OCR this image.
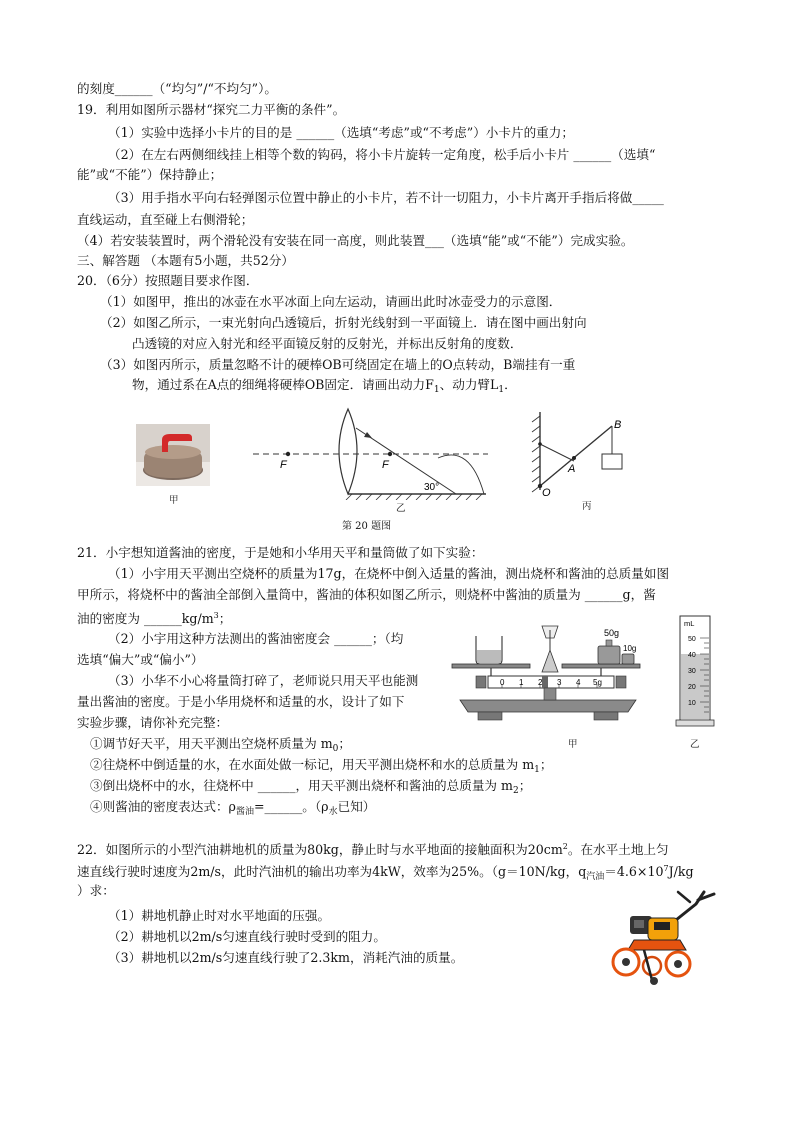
的刻度______（“均匀”/“不均匀”）。
19．利用如图所示器材“探究二力平衡的条件”。
（1）实验中选择小卡片的目的是 ______（选填“考虑”或“不考虑”）小卡片的重力；
（2）在左右两侧细线挂上相等个数的钩码，将小卡片旋转一定角度，松手后小卡片 ______（选填“
能”或“不能”）保持静止；
（3）用手指水平向右轻弹图示位置中静止的小卡片，若不计一切阻力，小卡片离开手指后将做_____
直线运动，直至碰上右侧滑轮；
（4）若安装装置时，两个滑轮没有安装在同一高度，则此装置___（选填“能”或“不能”）完成实验。
三、解答题 （本题有5小题，共52分）
20．（6分）按照题目要求作图．
（1）如图甲，推出的冰壶在水平冰面上向左运动，请画出此时冰壶受力的示意图．
（2）如图乙所示，一束光射向凸透镜后，折射光线射到一平面镜上．请在图中画出射向
凸透镜的对应入射光和经平面镜反射的反射光，并标出反射角的度数．
（3）如图丙所示，质量忽略不计的硬棒OB可绕固定在墙上的O点转动，B端挂有一重
物，通过系在A点的细绳将硬棒OB固定．请画出动力$F_1$、动力臂$L_1$．
甲
F	F
30°
乙
B
A
O
丙
第 20 题图
21．小宇想知道酱油的密度，于是她和小华用天平和量筒做了如下实验：
（1）小宇用天平测出空烧杯的质量为17g，在烧杯中倒入适量的酱油，测出烧杯和酱油的总质量如图
甲所示，将烧杯中的酱油全部倒入量筒中，酱油的体积如图乙所示，则烧杯中酱油的质量为 ______g，酱
油的密度为 $\_\_\_\_\_\_kg/m^3$；
（2）小宇用这种方法测出的酱油密度会 ______；（均
选填“偏大”或“偏小”）
（3）小华不小心将量筒打碎了，老师说只用天平也能测
量出酱油的密度。于是小华用烧杯和适量的水，设计了如下
实验步骤，请你补充完整：
①调节好天平，用天平测出空烧杯质量为 $m_0$；
②往烧杯中倒适量的水，在水面处做一标记，用天平测出烧杯和水的总质量为 $m_1$；
③倒出烧杯中的水，往烧杯中 ______，用天平测出烧杯和酱油的总质量为 $m_2$；
④则酱油的密度表达式：$\rho_{酱油}=\_\_\_\_\_\_$。（$\rho_水$已知）
50g
10g
0 1 2 3 4 5g
甲
mL
50
40
30
20
10
乙
22．如图所示的小型汽油耕地机的质量为80kg，静止时与水平地面的接触面积为$20cm^2$。在水平土地上匀
速直线行驶时速度为2m/s，此时汽油机的输出功率为4kW，效率为25%。（g＝10N/kg，$q_{汽油}=4.6\times 10^7J/kg$
）求：
（1）耕地机静止时对水平地面的压强。
（2）耕地机以2m/s匀速直线行驶时受到的阻力。
（3）耕地机以2m/s匀速直线行驶了2.3km，消耗汽油的质量。
